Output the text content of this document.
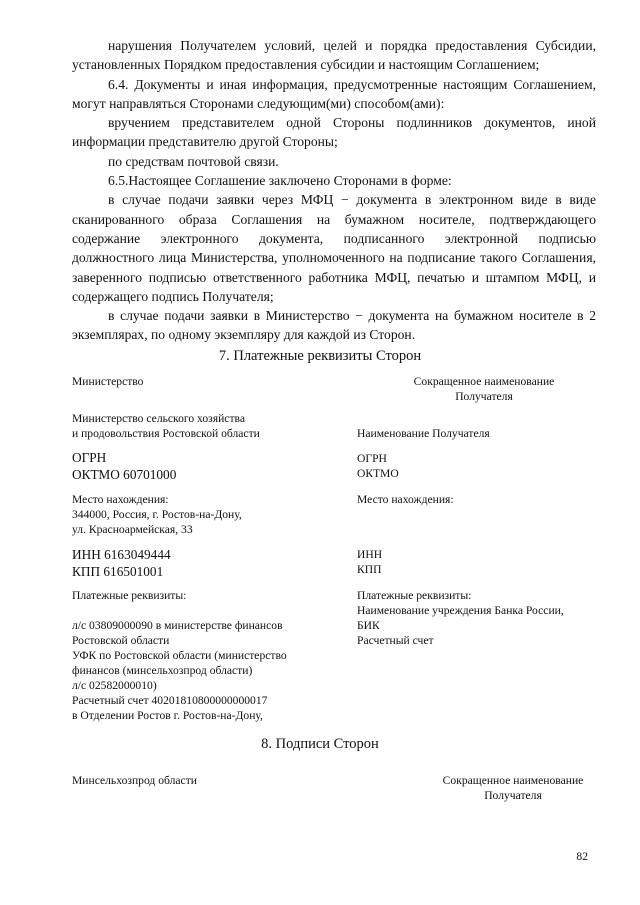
нарушения Получателем условий, целей и порядка предоставления Субсидии, установленных Порядком предоставления субсидии и настоящим Соглашением;

6.4. Документы и иная информация, предусмотренные настоящим Соглашением, могут направляться Сторонами следующим(ми) способом(ами):

вручением представителем одной Стороны подлинников документов, иной информации представителю другой Стороны;

по средствам почтовой связи.

6.5.Настоящее Соглашение заключено Сторонами в форме:

в случае подачи заявки через МФЦ − документа в электронном виде в виде сканированного образа Соглашения на бумажном носителе, подтверждающего содержание электронного документа, подписанного электронной подписью должностного лица Министерства, уполномоченного на подписание такого Соглашения, заверенного подписью ответственного работника МФЦ, печатью и штампом МФЦ, и содержащего подпись Получателя;

в случае подачи заявки в Министерство − документа на бумажном носителе в 2 экземплярах, по одному экземпляру для каждой из Сторон.

7. Платежные реквизиты Сторон
Министерство
Министерство сельского хозяйства
и продовольствия Ростовской области
ОГРН
ОКТМО 60701000
Место нахождения:
344000, Россия, г. Ростов-на-Дону,
ул. Красноармейская, 33
ИНН 6163049444
КПП 616501001
Платежные реквизиты:
л/с 03809000090 в министерстве финансов
Ростовской области
УФК по Ростовской области (министерство
финансов (минсельхозпрод области)
л/с 02582000010)
Расчетный счет 40201810800000000017
в Отделении Ростов г. Ростов-на-Дону,
Сокращенное наименование
Получателя
Наименование Получателя
ОГРН
ОКТМО
Место нахождения:
ИНН
КПП
Платежные реквизиты:
Наименование учреждения Банка России,
БИК
Расчетный счет
8. Подписи Сторон
Минсельхозпрод области	Сокращенное наименование
Получателя
82
